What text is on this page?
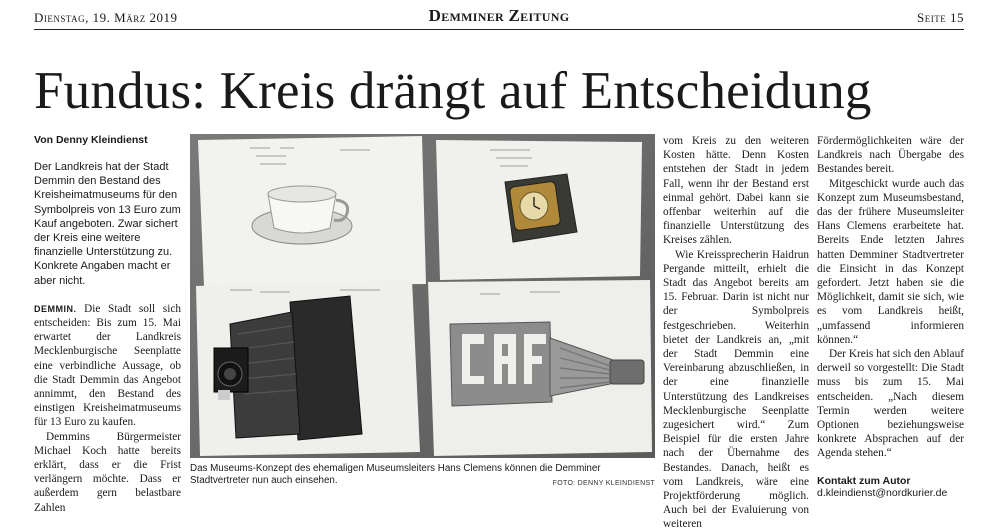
Dienstag, 19. März 2019	Demminer Zeitung	Seite 15
Fundus: Kreis drängt auf Entscheidung
Von Denny Kleindienst

Der Landkreis hat der Stadt Demmin den Bestand des Kreisheimatmuseums für den Symbolpreis von 13 Euro zum Kauf angeboten. Zwar sichert der Kreis eine weitere finanzielle Unterstützung zu. Konkrete Angaben macht er aber nicht.

DEMMIN. Die Stadt soll sich entscheiden: Bis zum 15. Mai erwartet der Landkreis Mecklenburgische Seenplatte eine verbindliche Aussage, ob die Stadt Demmin das Angebot annimmt, den Bestand des einstigen Kreisheimatmuseums für 13 Euro zu kaufen.

Demmins Bürgermeister Michael Koch hatte bereits erklärt, dass er die Frist verlängern möchte. Dass er außerdem gern belastbare Zahlen

Das Museums-Konzept des ehemaligen Museumsleiters Hans Clemens können die Demminer Stadtvertreter nun auch einsehen.	FOTO: DENNY KLEINDIENST

vom Kreis zu den weiteren Kosten hätte. Denn Kosten entstehen der Stadt in jedem Fall, wenn ihr der Bestand erst einmal gehört. Dabei kann sie offenbar weiterhin auf die finanzielle Unterstützung des Kreises zählen.

Wie Kreissprecherin Haidrun Pergande mitteilt, erhielt die Stadt das Angebot bereits am 15. Februar. Darin ist nicht nur der Symbolpreis festgeschrieben. Weiterhin bietet der Landkreis an, „mit der Stadt Demmin eine Vereinbarung abzuschließen, in der eine finanzielle Unterstützung des Landkreises Mecklenburgische Seenplatte zugesichert wird.“ Zum Beispiel für die ersten Jahre nach der Übernahme des Bestandes. Danach, heißt es vom Landkreis, wäre eine Projektförderung möglich. Auch bei der Evaluierung von weiteren

Fördermöglichkeiten wäre der Landkreis nach Übergabe des Bestandes bereit.

Mitgeschickt wurde auch das Konzept zum Museumsbestand, das der frühere Museumsleiter Hans Clemens erarbeitete hat. Bereits Ende letzten Jahres hatten Demminer Stadtvertreter die Einsicht in das Konzept gefordert. Jetzt haben sie die Möglichkeit, damit sie sich, wie es vom Landkreis heißt, „umfassend informieren können.“

Der Kreis hat sich den Ablauf derweil so vorgestellt: Die Stadt muss bis zum 15. Mai entscheiden. „Nach diesem Termin werden weitere Optionen beziehungsweise konkrete Absprachen auf der Agenda stehen.“

Kontakt zum Autor
d.kleindienst@nordkurier.de
